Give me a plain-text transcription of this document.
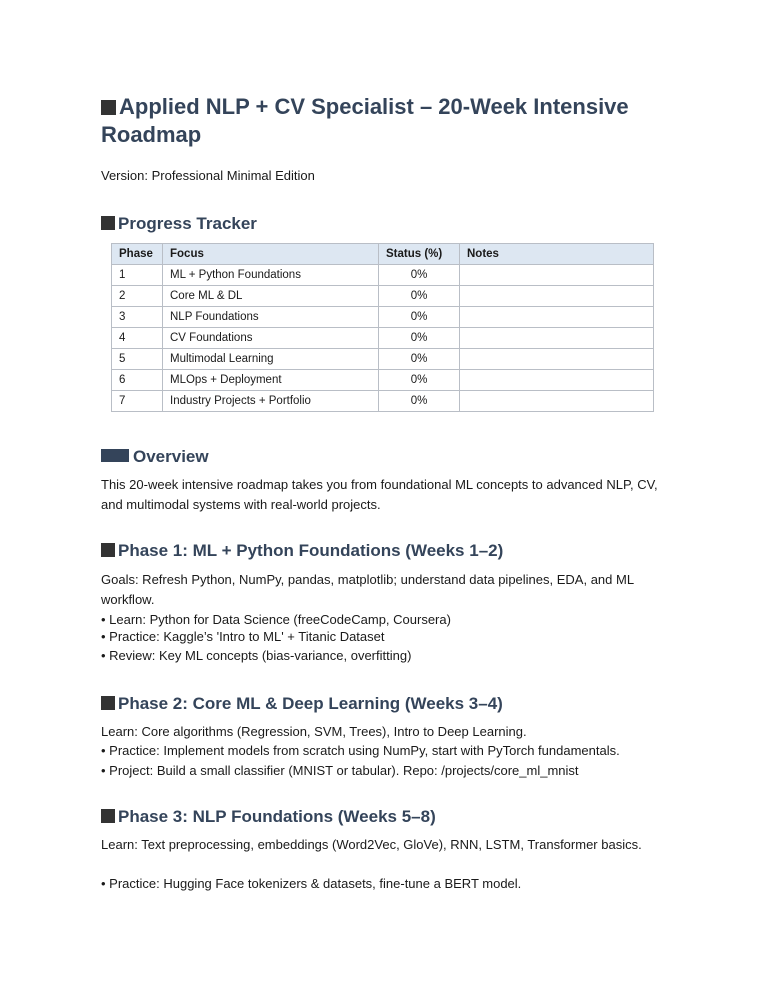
Applied NLP + CV Specialist – 20-Week Intensive Roadmap
Version: Professional Minimal Edition
Progress Tracker
Phase	Focus	Status (%)	Notes
1	ML + Python Foundations	0%	
2	Core ML & DL	0%	
3	NLP Foundations	0%	
4	CV Foundations	0%	
5	Multimodal Learning	0%	
6	MLOps + Deployment	0%	
7	Industry Projects + Portfolio	0%	
Overview
This 20-week intensive roadmap takes you from foundational ML concepts to advanced NLP, CV, and multimodal systems with real-world projects.
Phase 1: ML + Python Foundations (Weeks 1–2)
Goals: Refresh Python, NumPy, pandas, matplotlib; understand data pipelines, EDA, and ML workflow.
• Learn: Python for Data Science (freeCodeCamp, Coursera)
• Practice: Kaggle’s 'Intro to ML' + Titanic Dataset
• Review: Key ML concepts (bias-variance, overfitting)
Phase 2: Core ML & Deep Learning (Weeks 3–4)
Learn: Core algorithms (Regression, SVM, Trees), Intro to Deep Learning.
• Practice: Implement models from scratch using NumPy, start with PyTorch fundamentals.
• Project: Build a small classifier (MNIST or tabular). Repo: /projects/core_ml_mnist
Phase 3: NLP Foundations (Weeks 5–8)
Learn: Text preprocessing, embeddings (Word2Vec, GloVe), RNN, LSTM, Transformer basics.
• Practice: Hugging Face tokenizers & datasets, fine-tune a BERT model.
